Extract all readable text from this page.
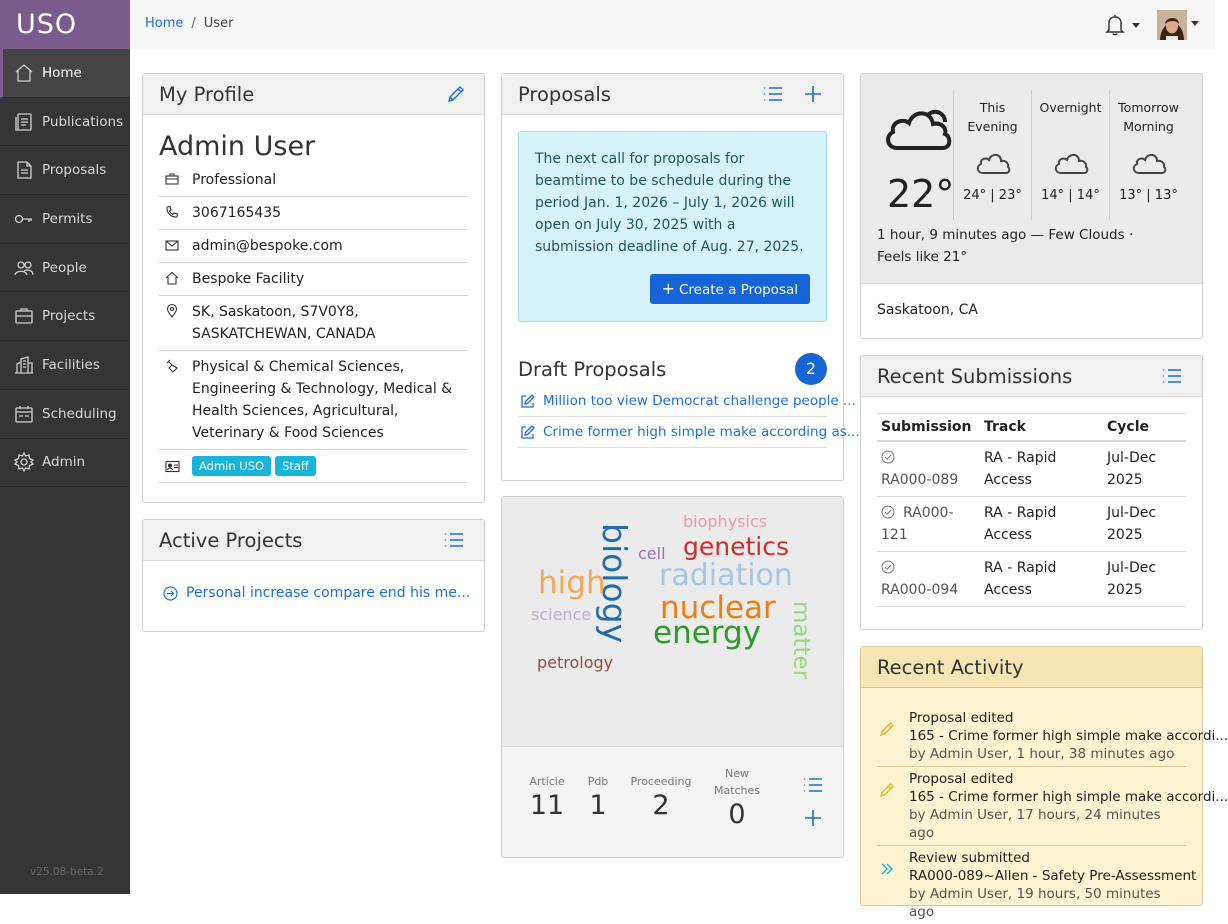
USO
Home
Publications
Proposals
Permits
People
Projects
Facilities
Scheduling
Admin
v25.08-beta.2
Home / User
My Profile
Admin User
Professional
3067165435
admin@bespoke.com
Bespoke Facility
SK, Saskatoon, S7V0Y8, SASKATCHEWAN, CANADA
Physical & Chemical Sciences, Engineering & Technology, Medical & Health Sciences, Agricultural, Veterinary & Food Sciences
Admin USO Staff
Active Projects
Personal increase compare end his me...
Proposals
The next call for proposals for beamtime to be schedule during the period Jan. 1, 2026 – July 1, 2026 will open on July 30, 2025 with a submission deadline of Aug. 27, 2025.
+ Create a Proposal
Draft Proposals	2
Million too view Democrat challenge people ...
Crime former high simple make according as...
biophysics
cell genetics
biology
high radiation
science nuclear matter
energy
petrology
Article
11
Pdb
1
Proceeding
2
New Matches
0
22°
This Evening
24° | 23°
Overnight
14° | 14°
Tomorrow Morning
13° | 13°
1 hour, 9 minutes ago — Few Clouds · Feels like 21°
Saskatoon, CA
Recent Submissions
Submission	Track	Cycle

RA000-089	RA - Rapid Access	Jul-Dec 2025
RA000-121	RA - Rapid Access	Jul-Dec 2025

RA000-094	RA - Rapid Access	Jul-Dec 2025
Recent Activity
Proposal edited
165 - Crime former high simple make accordi...
by Admin User, 1 hour, 38 minutes ago
Proposal edited
165 - Crime former high simple make accordi...
by Admin User, 17 hours, 24 minutes ago
Review submitted
RA000-089~Allen - Safety Pre-Assessment
by Admin User, 19 hours, 50 minutes ago
